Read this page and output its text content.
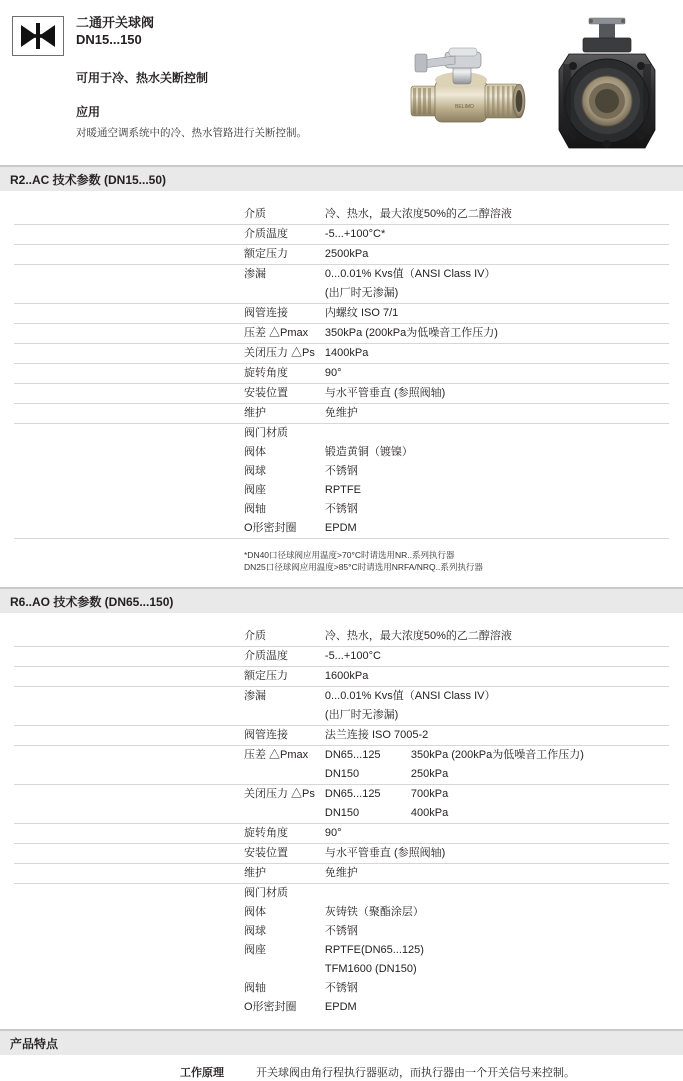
二通开关球阀
DN15...150
可用于冷、热水关断控制
应用
对暖通空调系统中的冷、热水管路进行关断控制。
BELIMO
R2..AC 技术参数 (DN15...50)
介质	冷、热水，最大浓度50%的乙二醇溶液
介质温度	-5...+100°C*
额定压力	2500kPa
渗漏	0...0.01% Kvs值（ANSI Class IV）
	(出厂时无渗漏)
阀管连接	内螺纹 ISO 7/1
压差 △Pmax	350kPa (200kPa为低噪音工作压力)
关闭压力 △Ps	1400kPa
旋转角度	90°
安装位置	与水平管垂直 (参照阀轴)
维护	免维护
阀门材质	
阀体	锻造黄铜（镀镍）
阀球	不锈钢
阀座	RPTFE
阀轴	不锈钢
O形密封圈	EPDM
*DN40口径球阀应用温度>70°C时请选用NR..系列执行器
DN25口径球阀应用温度>85°C时请选用NRFA/NRQ..系列执行器
R6..AO 技术参数 (DN65...150)
介质	冷、热水，最大浓度50%的乙二醇溶液
介质温度	-5...+100°C
额定压力	1600kPa
渗漏	0...0.01% Kvs值（ANSI Class IV）
	(出厂时无渗漏)
阀管连接	法兰连接 ISO 7005-2
压差 △Pmax	DN65...125 350kPa (200kPa为低噪音工作压力)
	DN150 250kPa
关闭压力 △Ps	DN65...125 700kPa
	DN150 400kPa
旋转角度	90°
安装位置	与水平管垂直 (参照阀轴)
维护	免维护
阀门材质	
阀体	灰铸铁（聚酯涂层）
阀球	不锈钢
阀座	RPTFE(DN65...125)
	TFM1600 (DN150)
阀轴	不锈钢
O形密封圈	EPDM
产品特点
工作原理	开关球阀由角行程执行器驱动，而执行器由一个开关信号来控制。
